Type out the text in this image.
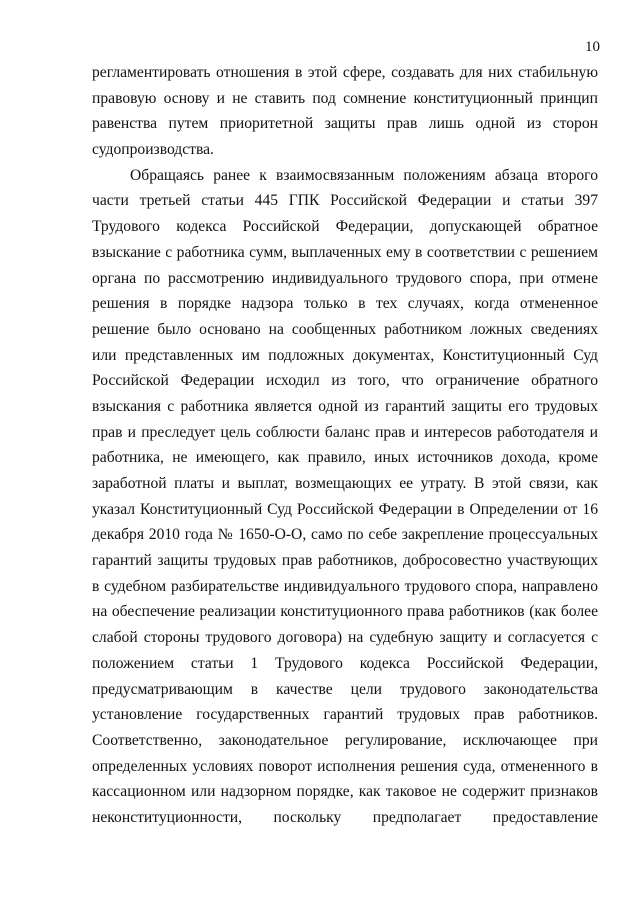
10
регламентировать отношения в этой сфере, создавать для них стабильную
правовую основу и не ставить под сомнение конституционный принцип
равенства путем приоритетной защиты прав лишь одной из сторон
судопроизводства.
Обращаясь ранее к взаимосвязанным положениям абзаца второго
части третьей статьи 445 ГПК Российской Федерации и статьи 397
Трудового кодекса Российской Федерации, допускающей обратное
взыскание с работника сумм, выплаченных ему в соответствии с решением
органа по рассмотрению индивидуального трудового спора, при отмене
решения в порядке надзора только в тех случаях, когда отмененное
решение было основано на сообщенных работником ложных сведениях
или представленных им подложных документах, Конституционный Суд
Российской Федерации исходил из того, что ограничение обратного
взыскания с работника является одной из гарантий защиты его трудовых
прав и преследует цель соблюсти баланс прав и интересов работодателя и
работника, не имеющего, как правило, иных источников дохода, кроме
заработной платы и выплат, возмещающих ее утрату. В этой связи, как
указал Конституционный Суд Российской Федерации в Определении от 16
декабря 2010 года № 1650-О-О, само по себе закрепление процессуальных
гарантий защиты трудовых прав работников, добросовестно участвующих
в судебном разбирательстве индивидуального трудового спора, направлено
на обеспечение реализации конституционного права работников (как более
слабой стороны трудового договора) на судебную защиту и согласуется с
положением статьи 1 Трудового кодекса Российской Федерации,
предусматривающим в качестве цели трудового законодательства
установление государственных гарантий трудовых прав работников.
Соответственно, законодательное регулирование, исключающее при
определенных условиях поворот исполнения решения суда, отмененного в
кассационном или надзорном порядке, как таковое не содержит признаков
неконституционности, поскольку предполагает предоставление
